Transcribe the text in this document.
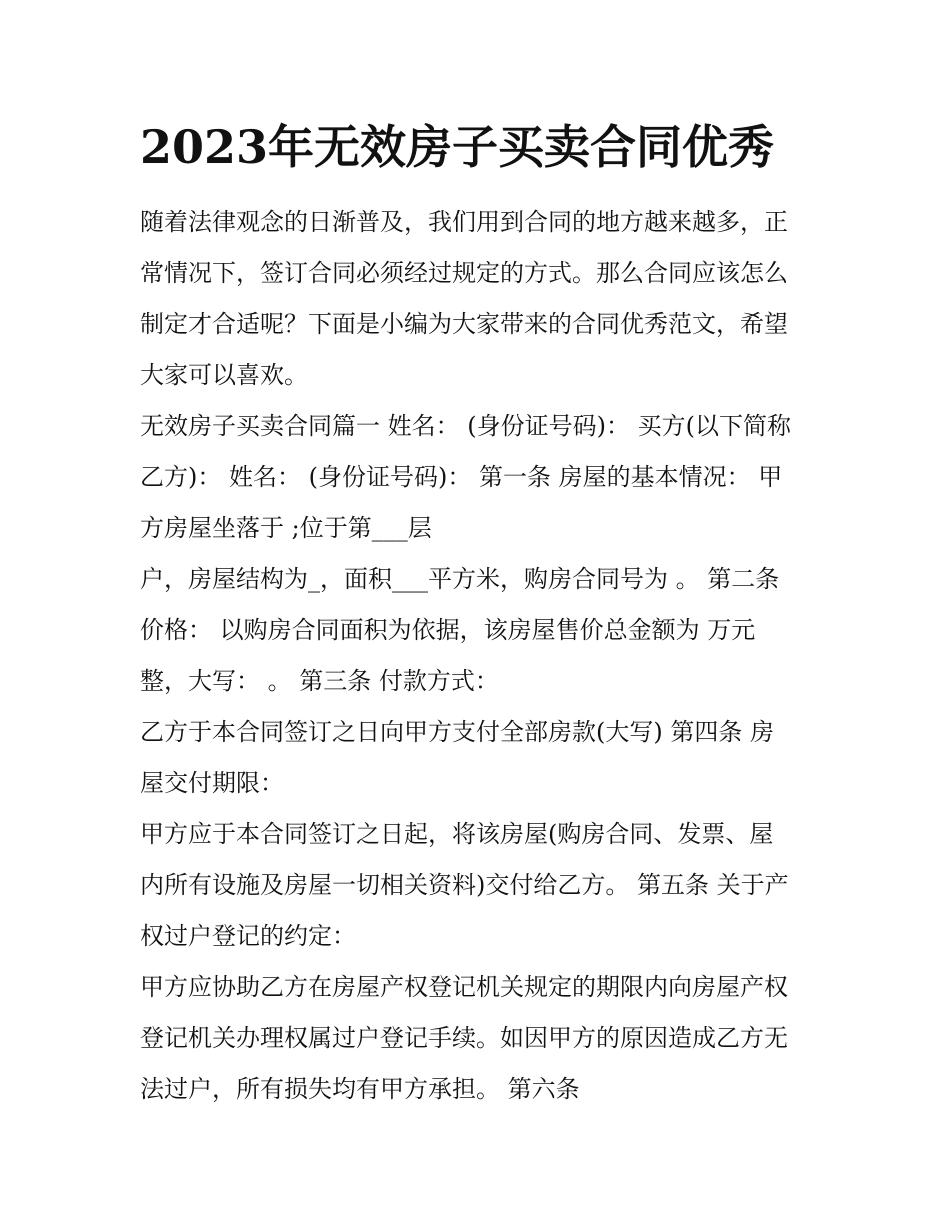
2023年无效房子买卖合同优秀

随着法律观念的日渐普及，我们用到合同的地方越来越多，正

常情况下，签订合同必须经过规定的方式。那么合同应该怎么

制定才合适呢？下面是小编为大家带来的合同优秀范文，希望

大家可以喜欢。

无效房子买卖合同篇一 姓名： (身份证号码)： 买方(以下简称

乙方)： 姓名： (身份证号码)： 第一条 房屋的基本情况： 甲

方房屋坐落于 ;位于第___层

户，房屋结构为_，面积___平方米，购房合同号为 。 第二条

价格： 以购房合同面积为依据，该房屋售价总金额为 万元

整，大写： 。 第三条 付款方式：

乙方于本合同签订之日向甲方支付全部房款(大写) 第四条 房

屋交付期限：

甲方应于本合同签订之日起，将该房屋(购房合同、发票、屋

内所有设施及房屋一切相关资料)交付给乙方。 第五条 关于产

权过户登记的约定：

甲方应协助乙方在房屋产权登记机关规定的期限内向房屋产权

登记机关办理权属过户登记手续。如因甲方的原因造成乙方无

法过户，所有损失均有甲方承担。 第六条
